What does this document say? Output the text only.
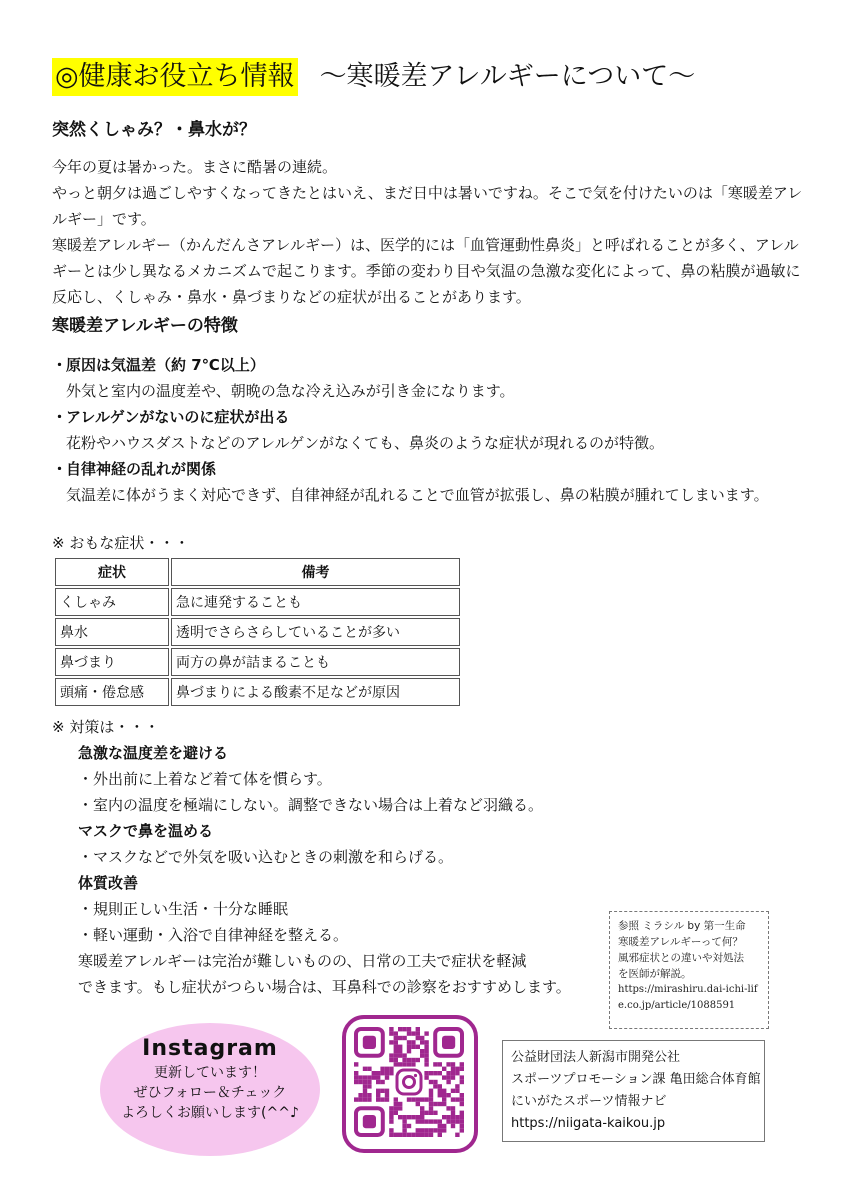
◎健康お役立ち情報 ～寒暖差アレルギーについて～
突然くしゃみ？・鼻水が？

今年の夏は暑かった。まさに酷暑の連続。

やっと朝夕は過ごしやすくなってきたとはいえ、まだ日中は暑いですね。そこで気を付けたいのは「寒暖差アレルギー」です。

寒暖差アレルギー（かんだんさアレルギー）は、医学的には「血管運動性鼻炎」と呼ばれることが多く、アレルギーとは少し異なるメカニズムで起こります。季節の変わり目や気温の急激な変化によって、鼻の粘膜が過敏に反応し、くしゃみ・鼻水・鼻づまりなどの症状が出ることがあります。

寒暖差アレルギーの特徴
・
原因は気温差（約 7℃以上）
外気と室内の温度差や、朝晩の急な冷え込みが引き金になります。
・
アレルゲンがないのに症状が出る
花粉やハウスダストなどのアレルゲンがなくても、鼻炎のような症状が現れるのが特徴。
・
自律神経の乱れが関係
気温差に体がうまく対応できず、自律神経が乱れることで血管が拡張し、鼻の粘膜が腫れてしまいます。
※ おもな症状・・・
症状	備考
くしゃみ	急に連発することも
鼻水	透明でさらさらしていることが多い
鼻づまり	両方の鼻が詰まることも
頭痛・倦怠感	鼻づまりによる酸素不足などが原因
※ 対策は・・・

急激な温度差を避ける

・外出前に上着など着て体を慣らす。

・室内の温度を極端にしない。調整できない場合は上着など羽織る。

マスクで鼻を温める

・マスクなどで外気を吸い込むときの刺激を和らげる。

体質改善

・規則正しい生活・十分な睡眠

・軽い運動・入浴で自律神経を整える。

寒暖差アレルギーは完治が難しいものの、日常の工夫で症状を軽減

できます。もし症状がつらい場合は、耳鼻科での診察をおすすめします。

参照 ミラシル by 第一生命
寒暖差アレルギーって何？
風邪症状との違いや対処法
を医師が解説。
https://mirashiru.dai-ichi-life.co.jp/article/1088591
Instagram
更新しています！
ぜひフォロー＆チェック
よろしくお願いします(^^♪

公益財団法人新潟市開発公社

スポーツプロモーション課 亀田総合体育館

にいがたスポーツ情報ナビ

https://niigata-kaikou.jp
